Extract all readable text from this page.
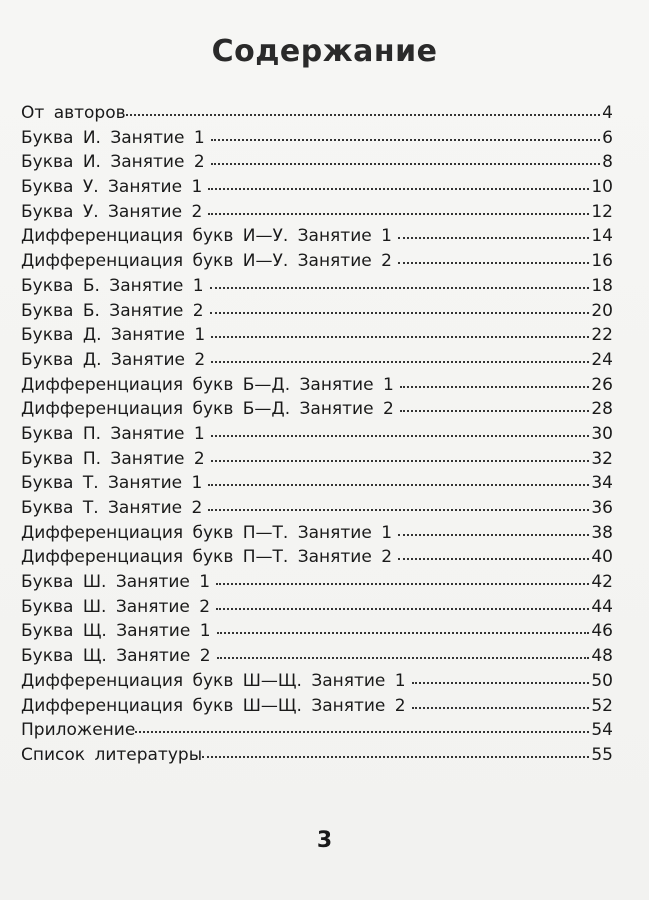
Содержание
От авторов	4
Буква И. Занятие 1	6
Буква И. Занятие 2	8
Буква У. Занятие 1	10
Буква У. Занятие 2	12
Дифференциация букв И—У. Занятие 1	14
Дифференциация букв И—У. Занятие 2	16
Буква Б. Занятие 1	18
Буква Б. Занятие 2	20
Буква Д. Занятие 1	22
Буква Д. Занятие 2	24
Дифференциация букв Б—Д. Занятие 1	26
Дифференциация букв Б—Д. Занятие 2	28
Буква П. Занятие 1	30
Буква П. Занятие 2	32
Буква Т. Занятие 1	34
Буква Т. Занятие 2	36
Дифференциация букв П—Т. Занятие 1	38
Дифференциация букв П—Т. Занятие 2	40
Буква Ш. Занятие 1	42
Буква Ш. Занятие 2	44
Буква Щ. Занятие 1	46
Буква Щ. Занятие 2	48
Дифференциация букв Ш—Щ. Занятие 1	50
Дифференциация букв Ш—Щ. Занятие 2	52
Приложение	54
Список литературы	55
3
